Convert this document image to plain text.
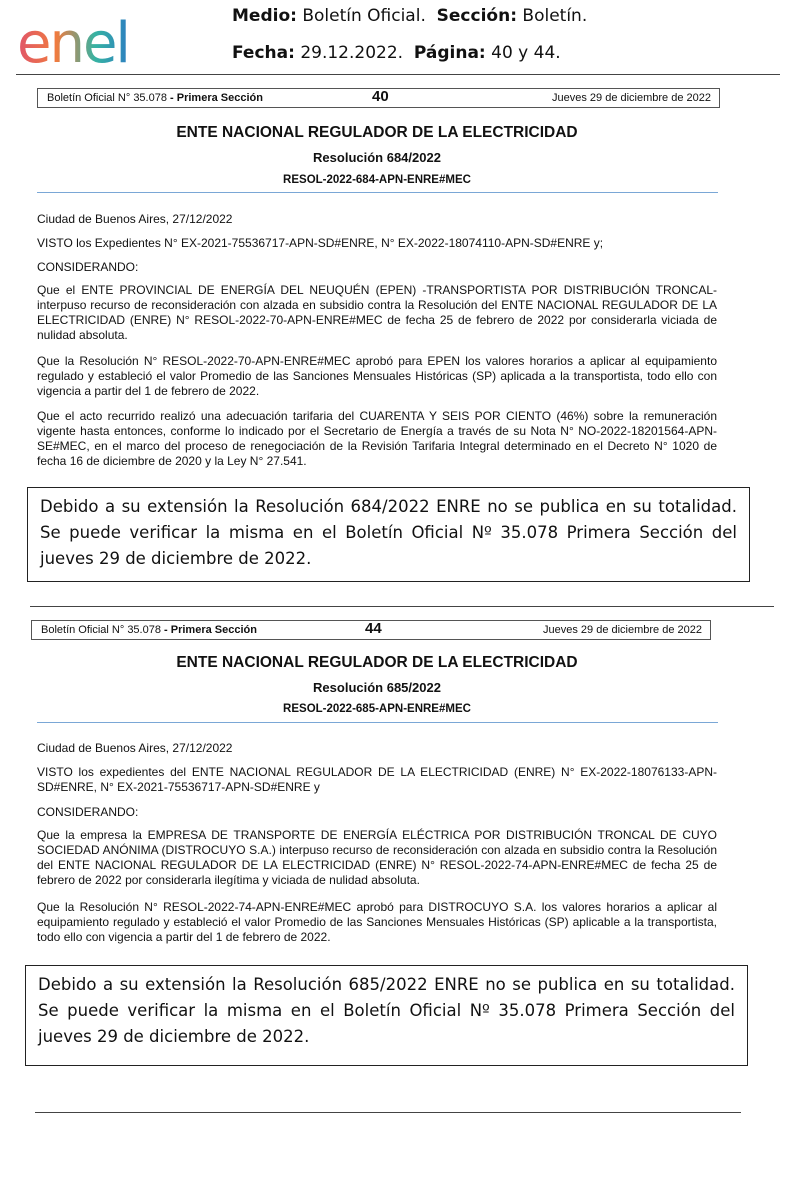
enel	Medio: Boletín Oficial. Sección: Boletín.
Fecha: 29.12.2022. Página: 40 y 44.
Boletín Oficial N° 35.078 - Primera Sección	40	Jueves 29 de diciembre de 2022
ENTE NACIONAL REGULADOR DE LA ELECTRICIDAD
Resolución 684/2022
RESOL-2022-684-APN-ENRE#MEC

Ciudad de Buenos Aires, 27/12/2022

VISTO los Expedientes N° EX-2021-75536717-APN-SD#ENRE, N° EX-2022-18074110-APN-SD#ENRE y;

CONSIDERANDO:

Que el ENTE PROVINCIAL DE ENERGÍA DEL NEUQUÉN (EPEN) -TRANSPORTISTA POR DISTRIBUCIÓN TRONCAL- interpuso recurso de reconsideración con alzada en subsidio contra la Resolución del ENTE NACIONAL REGULADOR DE LA ELECTRICIDAD (ENRE) N° RESOL-2022-70-APN-ENRE#MEC de fecha 25 de febrero de 2022 por considerarla viciada de nulidad absoluta.

Que la Resolución N° RESOL-2022-70-APN-ENRE#MEC aprobó para EPEN los valores horarios a aplicar al equipamiento regulado y estableció el valor Promedio de las Sanciones Mensuales Históricas (SP) aplicada a la transportista, todo ello con vigencia a partir del 1 de febrero de 2022.

Que el acto recurrido realizó una adecuación tarifaria del CUARENTA Y SEIS POR CIENTO (46%) sobre la remuneración vigente hasta entonces, conforme lo indicado por el Secretario de Energía a través de su Nota N° NO-2022-18201564-APN-SE#MEC, en el marco del proceso de renegociación de la Revisión Tarifaria Integral determinado en el Decreto N° 1020 de fecha 16 de diciembre de 2020 y la Ley N° 27.541.

Debido a su extensión la Resolución 684/2022 ENRE no se publica en su totalidad. Se puede verificar la misma en el Boletín Oficial Nº 35.078 Primera Sección del jueves 29 de diciembre de 2022.
Boletín Oficial N° 35.078 - Primera Sección	44	Jueves 29 de diciembre de 2022
ENTE NACIONAL REGULADOR DE LA ELECTRICIDAD
Resolución 685/2022
RESOL-2022-685-APN-ENRE#MEC

Ciudad de Buenos Aires, 27/12/2022

VISTO los expedientes del ENTE NACIONAL REGULADOR DE LA ELECTRICIDAD (ENRE) N° EX-2022-18076133-APN-SD#ENRE, N° EX-2021-75536717-APN-SD#ENRE y

CONSIDERANDO:

Que la empresa la EMPRESA DE TRANSPORTE DE ENERGÍA ELÉCTRICA POR DISTRIBUCIÓN TRONCAL DE CUYO SOCIEDAD ANÓNIMA (DISTROCUYO S.A.) interpuso recurso de reconsideración con alzada en subsidio contra la Resolución del ENTE NACIONAL REGULADOR DE LA ELECTRICIDAD (ENRE) N° RESOL-2022-74-APN-ENRE#MEC de fecha 25 de febrero de 2022 por considerarla ilegítima y viciada de nulidad absoluta.

Que la Resolución N° RESOL-2022-74-APN-ENRE#MEC aprobó para DISTROCUYO S.A. los valores horarios a aplicar al equipamiento regulado y estableció el valor Promedio de las Sanciones Mensuales Históricas (SP) aplicable a la transportista, todo ello con vigencia a partir del 1 de febrero de 2022.

Debido a su extensión la Resolución 685/2022 ENRE no se publica en su totalidad. Se puede verificar la misma en el Boletín Oficial Nº 35.078 Primera Sección del jueves 29 de diciembre de 2022.
